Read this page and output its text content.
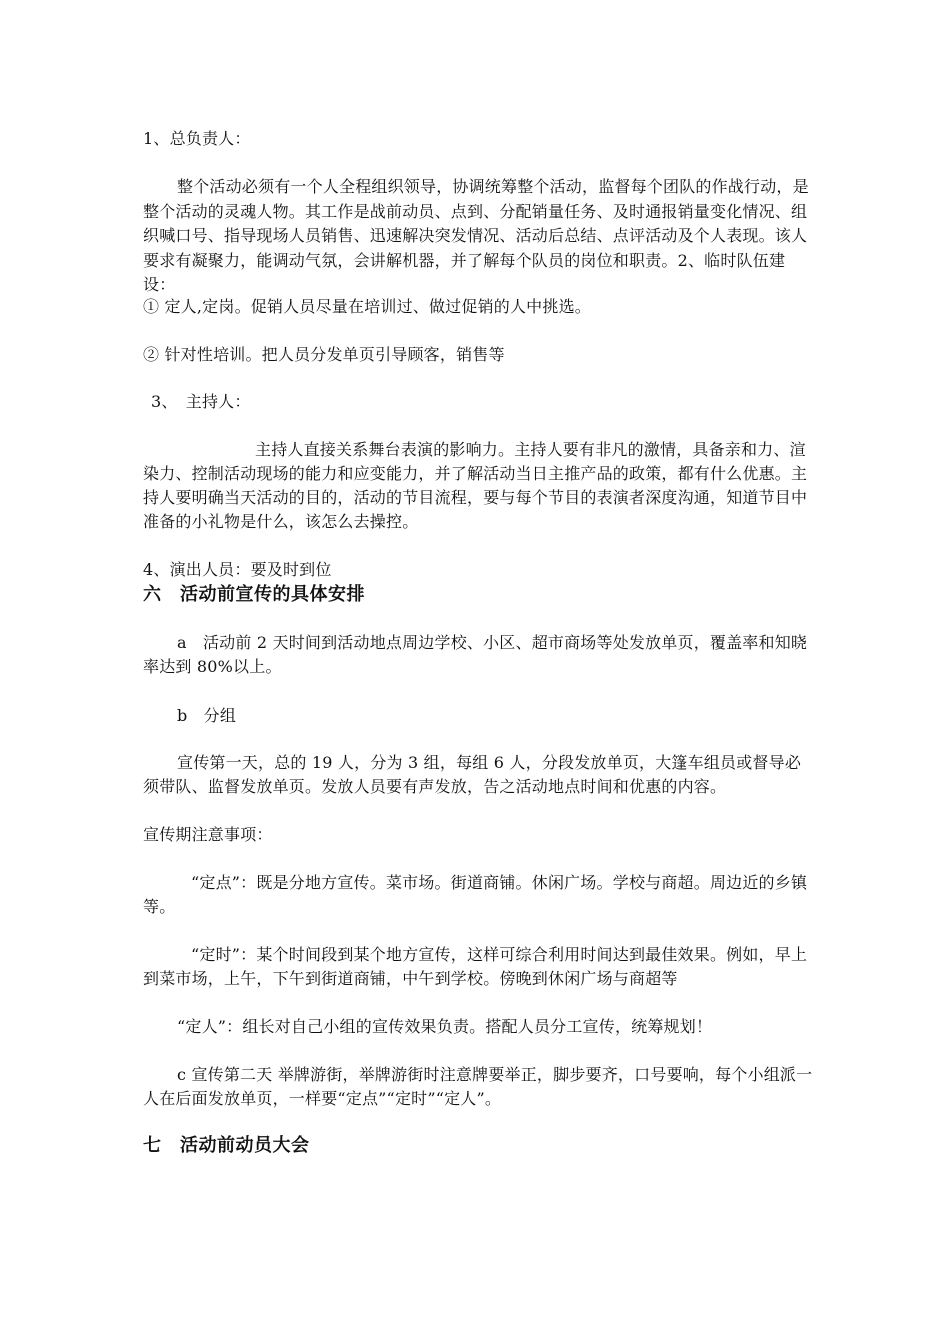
1、总负责人：

整个活动必须有一个人全程组织领导，协调统筹整个活动，监督每个团队的作战行动，是整个活动的灵魂人物。其工作是战前动员、点到、分配销量任务、及时通报销量变化情况、组织喊口号、指导现场人员销售、迅速解决突发情况、活动后总结、点评活动及个人表现。该人要求有凝聚力，能调动气氛，会讲解机器，并了解每个队员的岗位和职责。2、临时队伍建设：

① 定人,定岗。促销人员尽量在培训过、做过促销的人中挑选。

② 针对性培训。把人员分发单页引导顾客，销售等

3、　主持人：

主持人直接关系舞台表演的影响力。主持人要有非凡的激情，具备亲和力、渲染力、控制活动现场的能力和应变能力，并了解活动当日主推产品的政策，都有什么优惠。主持人要明确当天活动的目的，活动的节目流程，要与每个节目的表演者深度沟通，知道节目中准备的小礼物是什么，该怎么去操控。

4、演出人员：要及时到位

六　活动前宣传的具体安排

a　活动前 2 天时间到活动地点周边学校、小区、超市商场等处发放单页，覆盖率和知晓率达到 80%以上。

b　分组

宣传第一天，总的 19 人，分为 3 组，每组 6 人，分段发放单页，大篷车组员或督导必须带队、监督发放单页。发放人员要有声发放，告之活动地点时间和优惠的内容。

宣传期注意事项：

“定点”：既是分地方宣传。菜市场。街道商铺。休闲广场。学校与商超。周边近的乡镇等。

“定时”：某个时间段到某个地方宣传，这样可综合利用时间达到最佳效果。例如，早上到菜市场，上午，下午到街道商铺，中午到学校。傍晚到休闲广场与商超等

“定人”：组长对自己小组的宣传效果负责。搭配人员分工宣传，统筹规划！

c 宣传第二天 举牌游街，举牌游街时注意牌要举正，脚步要齐，口号要响，每个小组派一人在后面发放单页，一样要“定点”“定时”“定人”。

七　活动前动员大会
